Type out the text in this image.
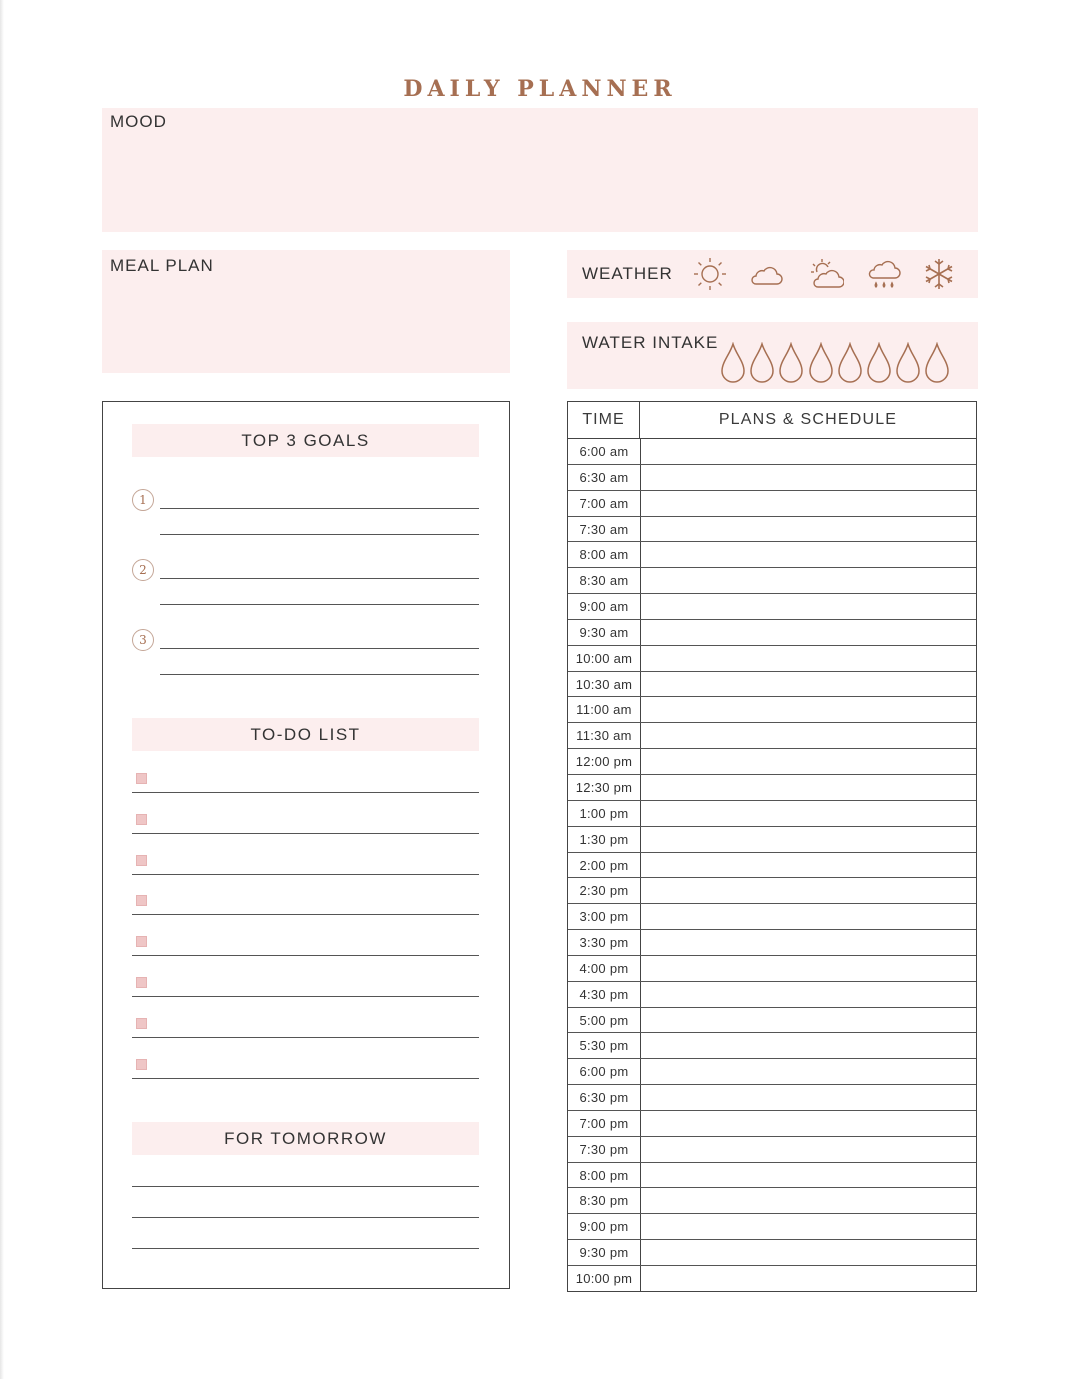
DAILY PLANNER
MOOD
MEAL PLAN	WEATHER
WATER INTAKE
TOP 3 GOALS
1
2
3
TO-DO LIST
FOR TOMORROW
TIME	PLANS & SCHEDULE
6:00 am
6:30 am
7:00 am
7:30 am
8:00 am
8:30 am
9:00 am
9:30 am
10:00 am
10:30 am
11:00 am
11:30 am
12:00 pm
12:30 pm
1:00 pm
1:30 pm
2:00 pm
2:30 pm
3:00 pm
3:30 pm
4:00 pm
4:30 pm
5:00 pm
5:30 pm
6:00 pm
6:30 pm
7:00 pm
7:30 pm
8:00 pm
8:30 pm
9:00 pm
9:30 pm
10:00 pm
